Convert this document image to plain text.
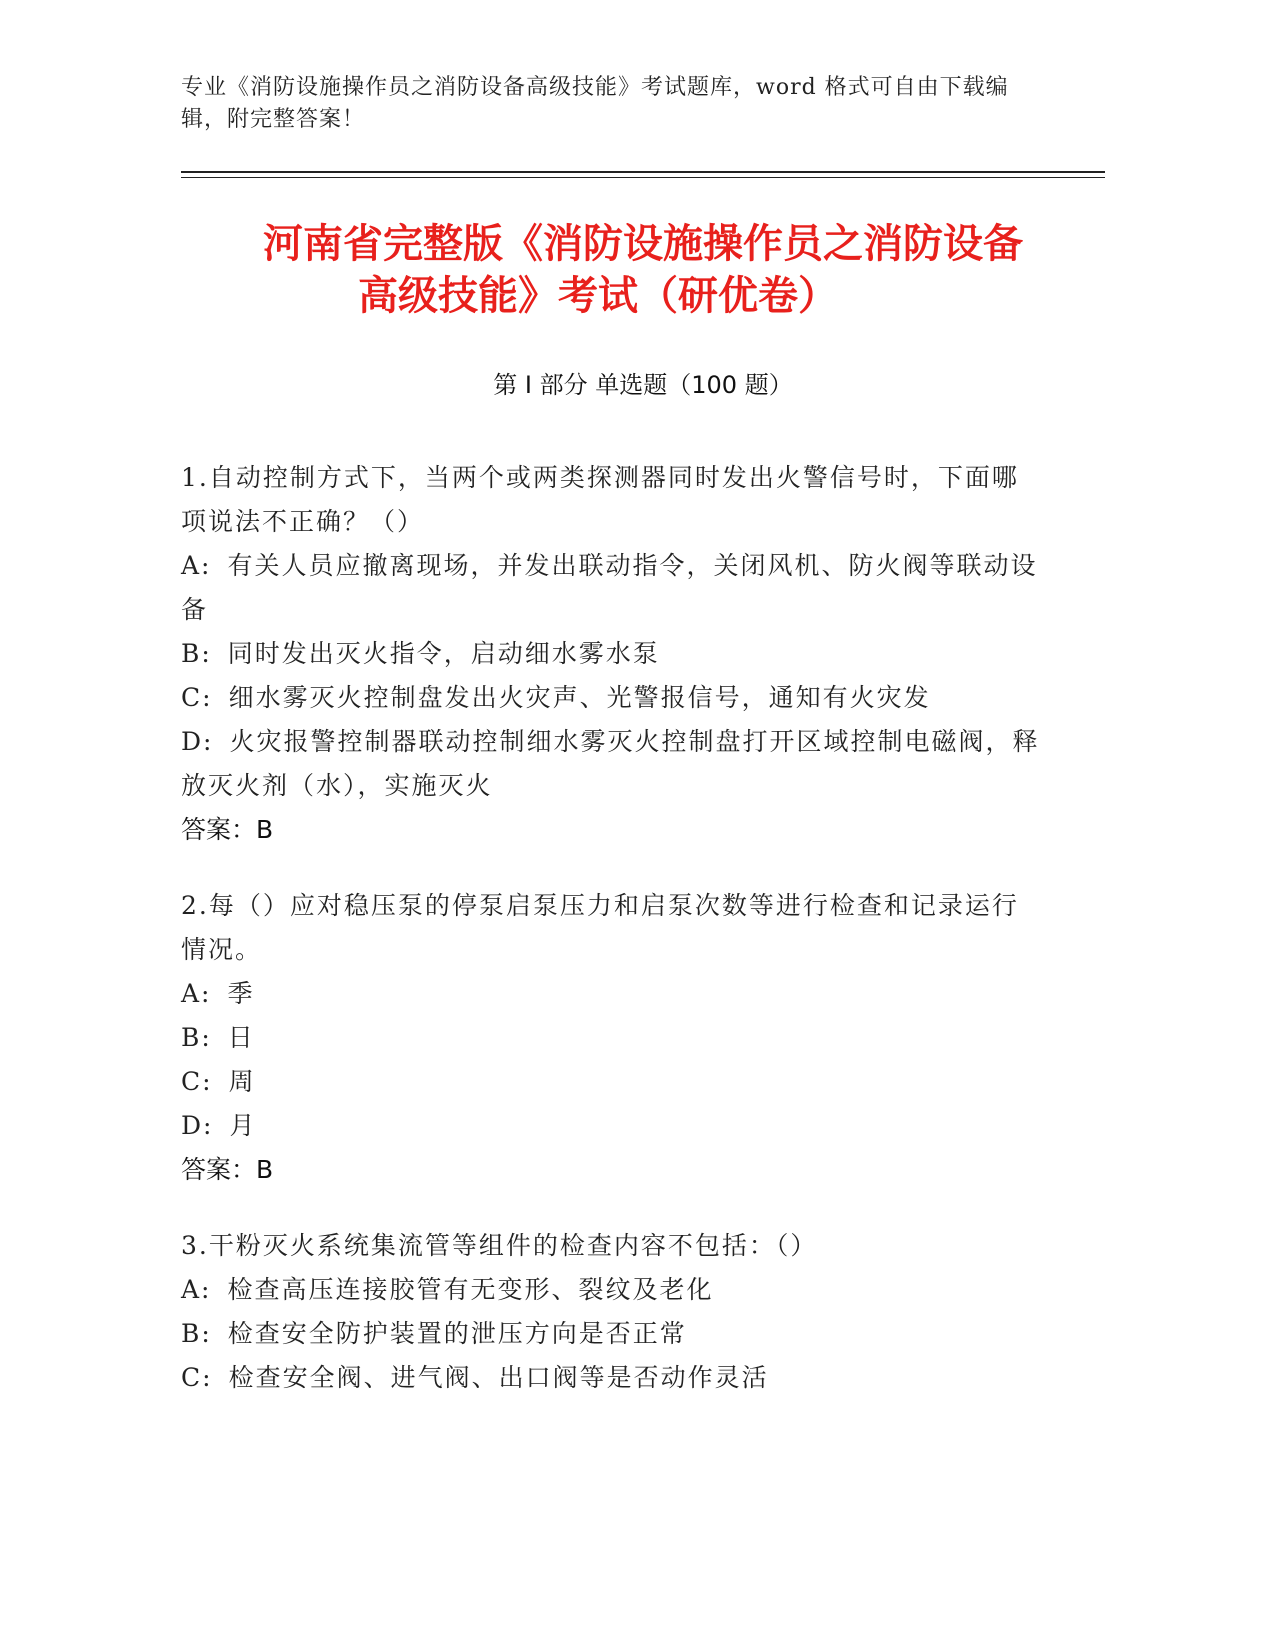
专业《消防设施操作员之消防设备高级技能》考试题库，word 格式可自由下载编辑，附完整答案！
河南省完整版《消防设施操作员之消防设备
高级技能》考试（研优卷）
第 I 部分 单选题（100 题）
1.自动控制方式下，当两个或两类探测器同时发出火警信号时，下面哪项说法不正确？（）
A: 有关人员应撤离现场，并发出联动指令，关闭风机、防火阀等联动设备
B: 同时发出灭火指令，启动细水雾水泵
C: 细水雾灭火控制盘发出火灾声、光警报信号，通知有火灾发
D: 火灾报警控制器联动控制细水雾灭火控制盘打开区域控制电磁阀，释放灭火剂（水），实施灭火
答案：B
2.每（）应对稳压泵的停泵启泵压力和启泵次数等进行检查和记录运行情况。
A: 季
B: 日
C: 周
D: 月
答案：B
3.干粉灭火系统集流管等组件的检查内容不包括：（）
A: 检查高压连接胶管有无变形、裂纹及老化
B: 检查安全防护装置的泄压方向是否正常
C: 检查安全阀、进气阀、出口阀等是否动作灵活
